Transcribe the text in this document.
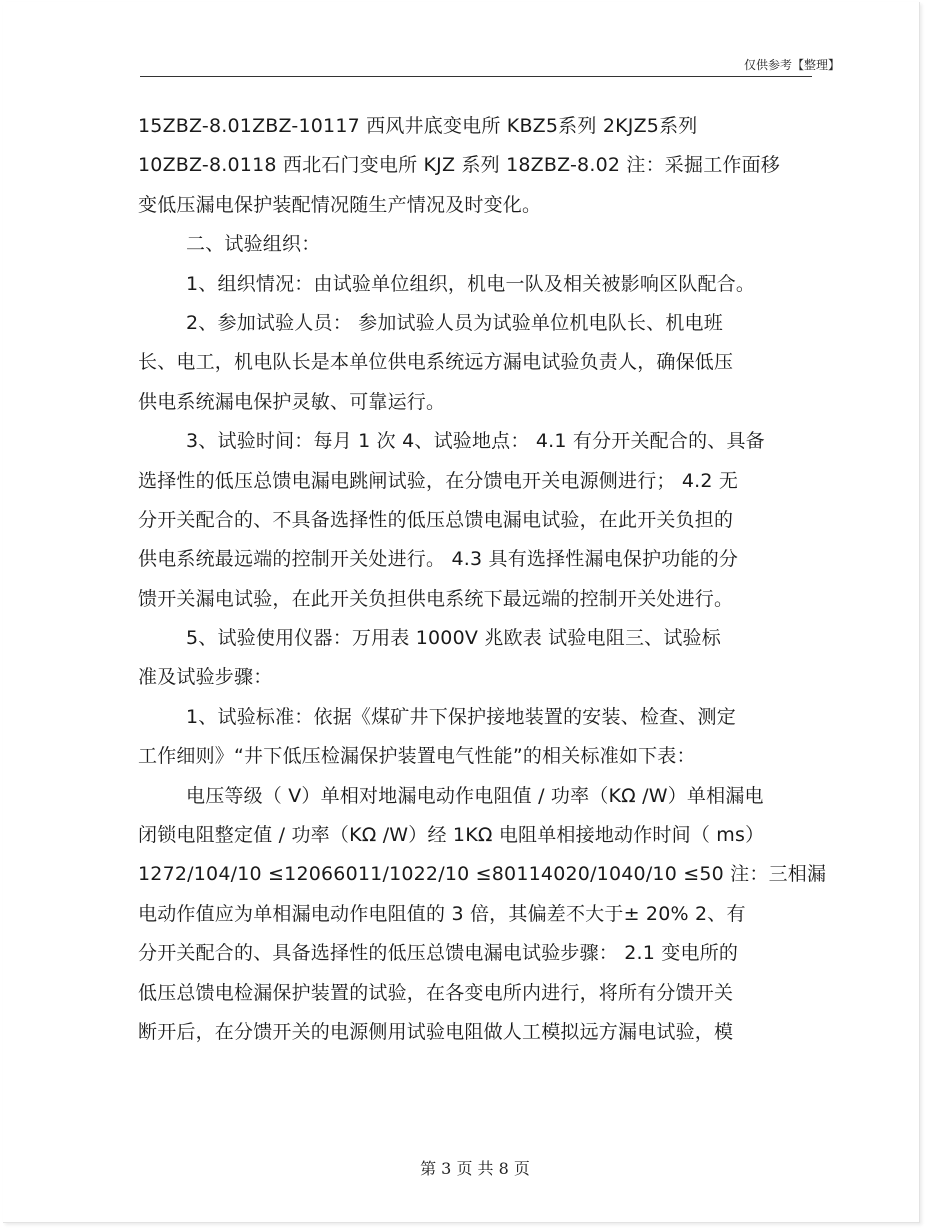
仅供参考【整理】
15ZBZ-8.01ZBZ-10117 西风井底变电所 KBZ5系列 2KJZ5系列
10ZBZ-8.0118 西北石门变电所 KJZ 系列 18ZBZ-8.02 注：采掘工作面移
变低压漏电保护装配情况随生产情况及时变化。
二、试验组织：
1、组织情况：由试验单位组织，机电一队及相关被影响区队配合。
2、参加试验人员： 参加试验人员为试验单位机电队长、机电班
长、电工，机电队长是本单位供电系统远方漏电试验负责人，确保低压
供电系统漏电保护灵敏、可靠运行。
3、试验时间：每月 1 次 4、试验地点： 4.1 有分开关配合的、具备
选择性的低压总馈电漏电跳闸试验，在分馈电开关电源侧进行； 4.2 无
分开关配合的、不具备选择性的低压总馈电漏电试验，在此开关负担的
供电系统最远端的控制开关处进行。 4.3 具有选择性漏电保护功能的分
馈开关漏电试验，在此开关负担供电系统下最远端的控制开关处进行。
5、试验使用仪器：万用表 1000V 兆欧表 试验电阻三、试验标
准及试验步骤：
1、试验标准：依据《煤矿井下保护接地装置的安装、检查、测定
工作细则》“井下低压检漏保护装置电气性能”的相关标准如下表：
电压等级（ V）单相对地漏电动作电阻值 / 功率（KΩ /W）单相漏电
闭锁电阻整定值 / 功率（KΩ /W）经 1KΩ 电阻单相接地动作时间（ ms）
1272/104/10 ≤12066011/1022/10 ≤80114020/1040/10 ≤50 注：三相漏
电动作值应为单相漏电动作电阻值的 3 倍，其偏差不大于± 20% 2、有
分开关配合的、具备选择性的低压总馈电漏电试验步骤： 2.1 变电所的
低压总馈电检漏保护装置的试验，在各变电所内进行，将所有分馈开关
断开后，在分馈开关的电源侧用试验电阻做人工模拟远方漏电试验，模
第 3 页 共 8 页
